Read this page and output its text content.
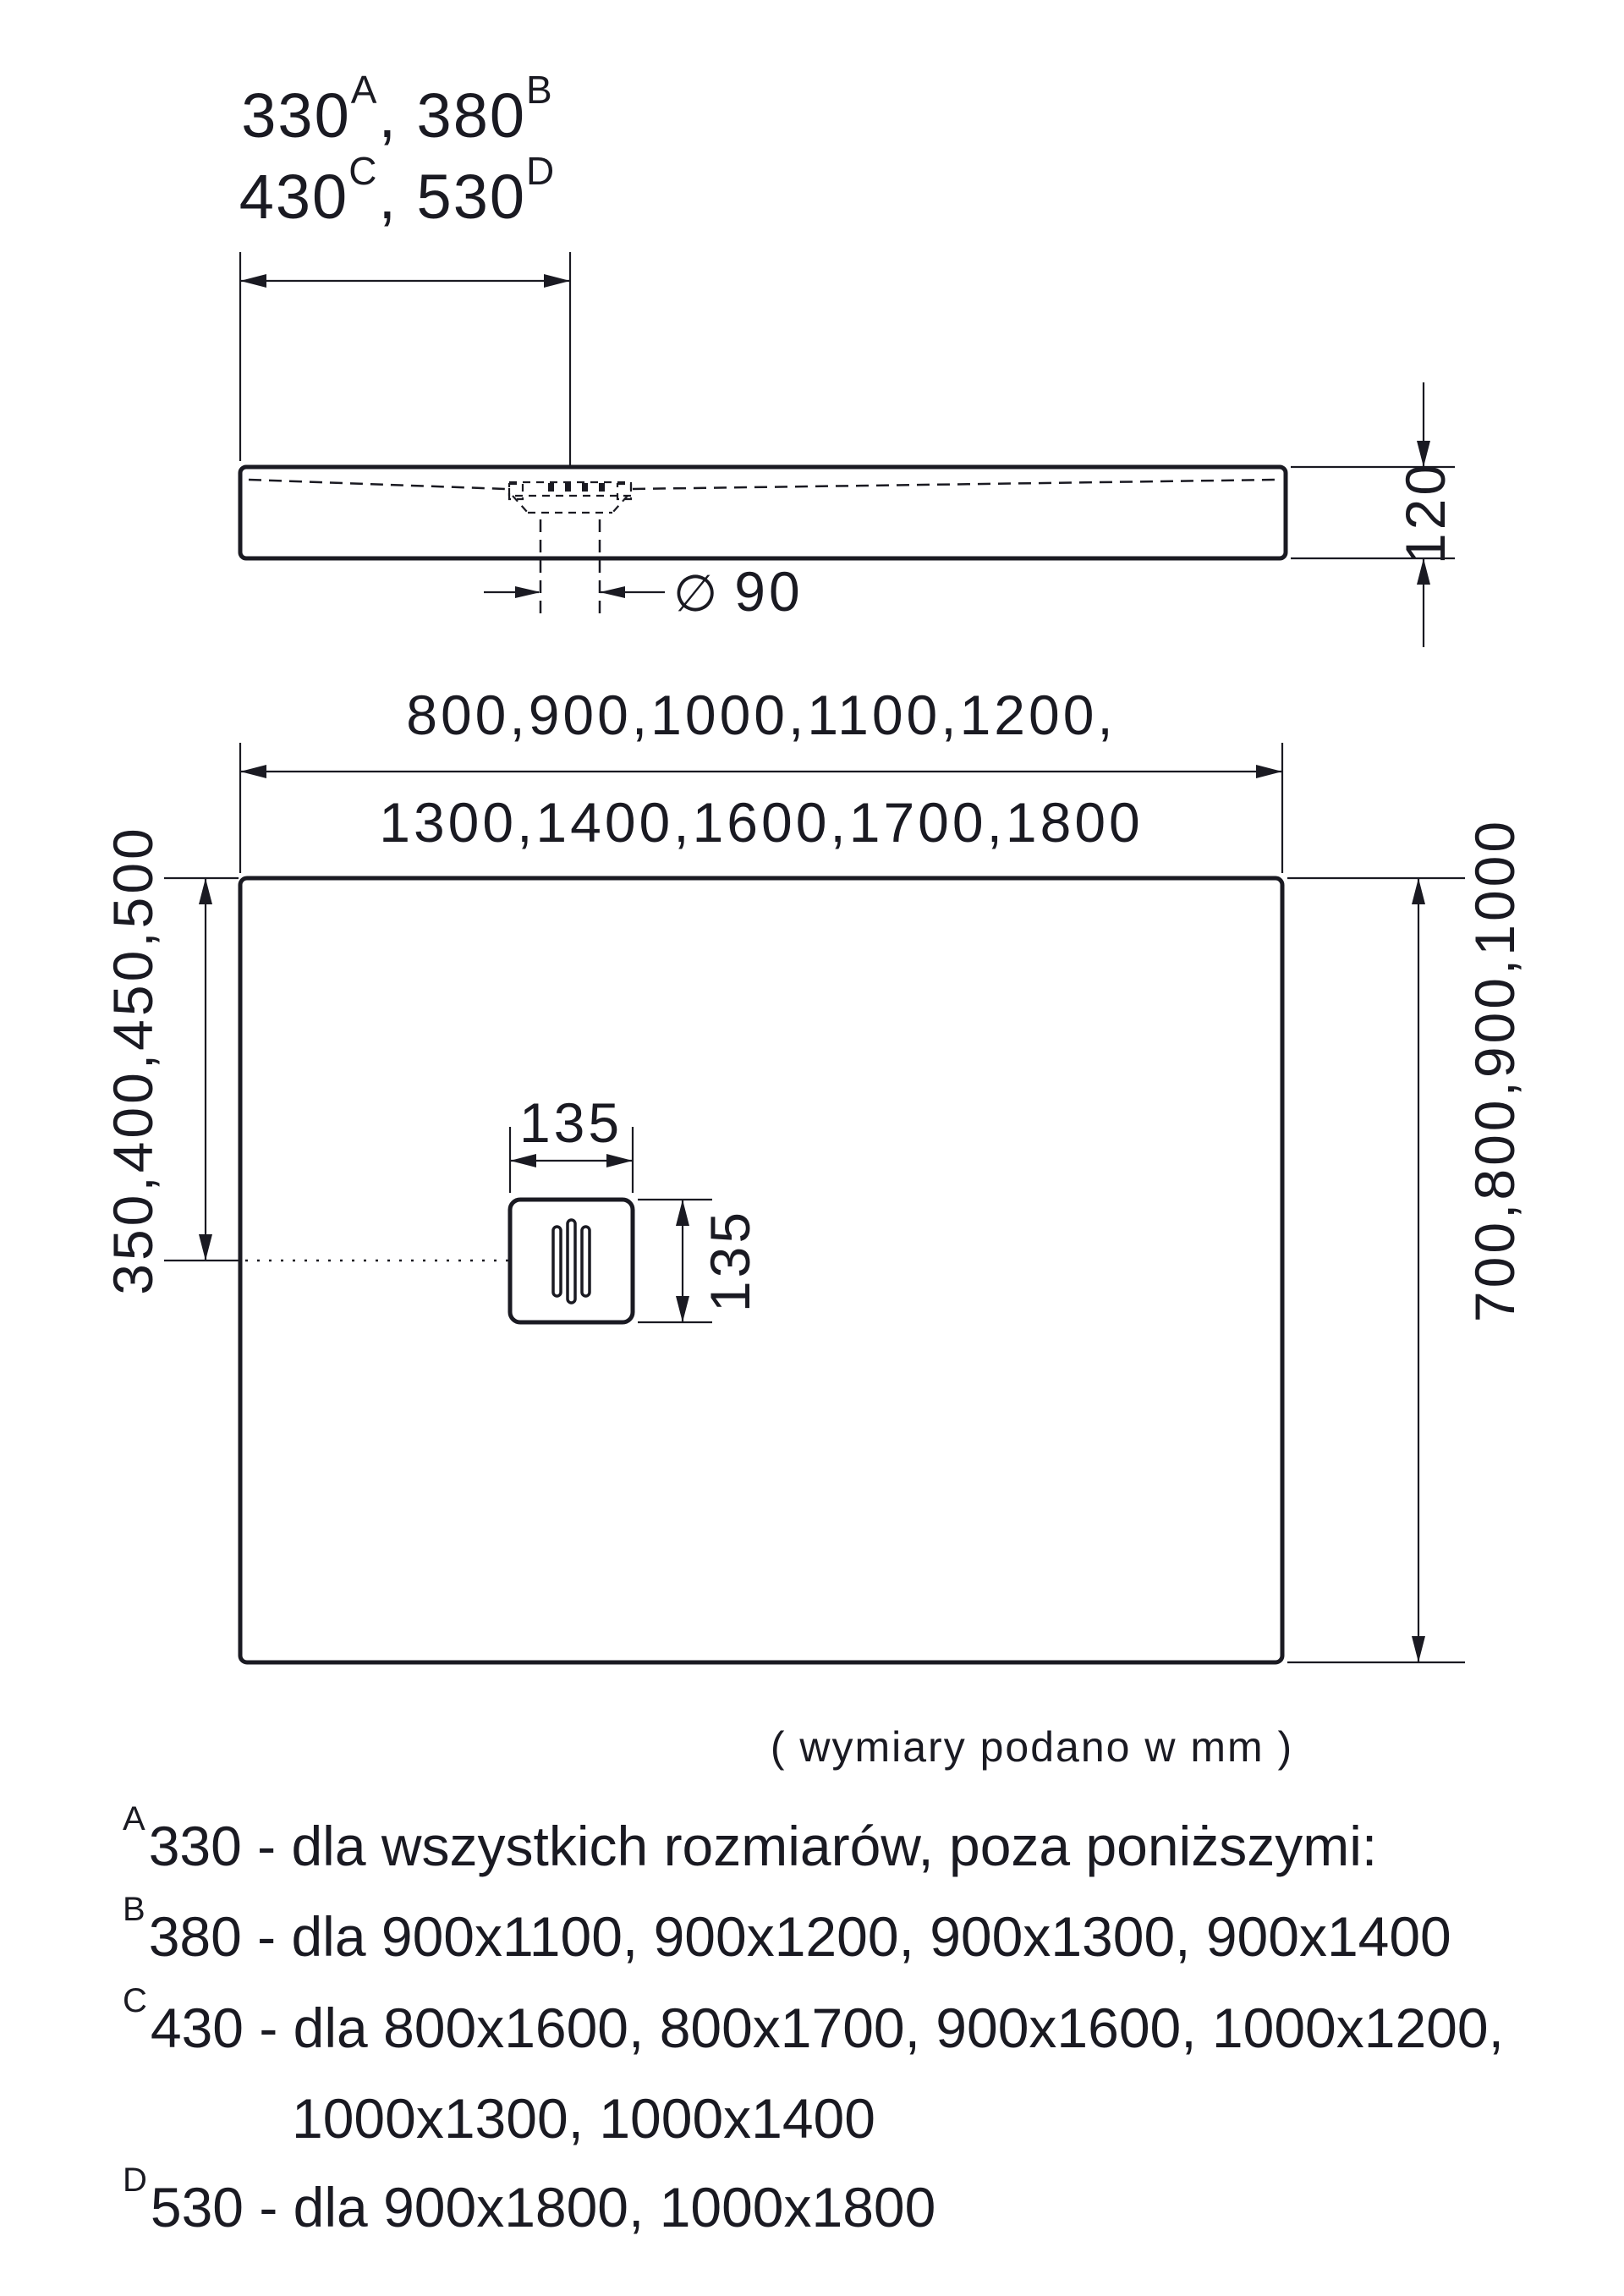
$330^A$, $380^B$
$430^C$, $530^D$
∅ 90
120
800,900,1000,1100,1200,
1300,1400,1600,1700,1800
350,400,450,500	135
135	700,800,900,1000
( wymiary podano w mm )
$^A$330 - dla wszystkich rozmiarów, poza poniższymi:
$^B$380 - dla 900x1100, 900x1200, 900x1300, 900x1400
$^C$430 - dla 800x1600, 800x1700, 900x1600, 1000x1200,
1000x1300, 1000x1400
$^D$530 - dla 900x1800, 1000x1800
